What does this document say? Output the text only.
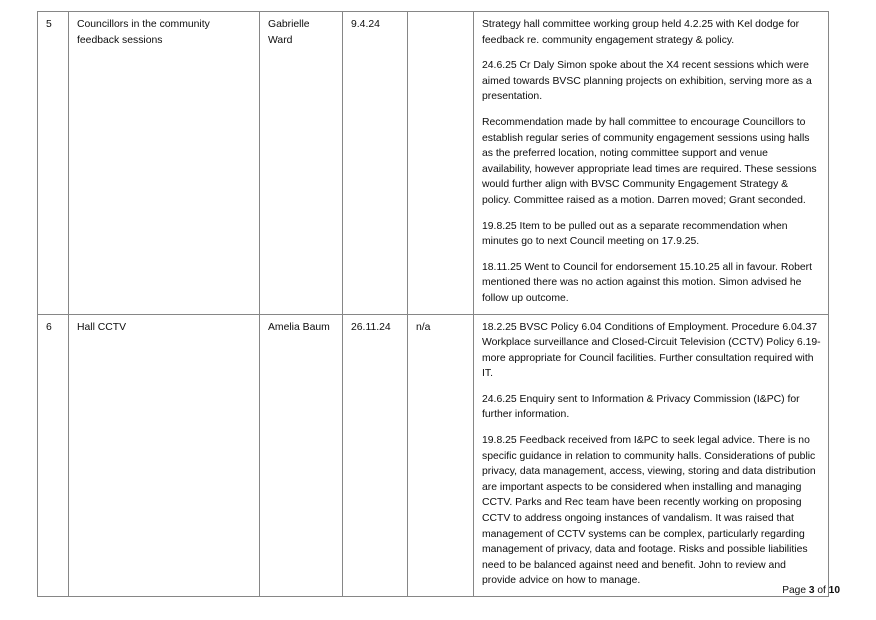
5	Councillors in the community feedback sessions	Gabrielle Ward	9.4.24		Strategy hall committee working group held 4.2.25 with Kel dodge for feedback re. community engagement strategy & policy.

24.6.25 Cr Daly Simon spoke about the X4 recent sessions which were aimed towards BVSC planning projects on exhibition, serving more as a presentation.

Recommendation made by hall committee to encourage Councillors to establish regular series of community engagement sessions using halls as the preferred location, noting committee support and venue availability, however appropriate lead times are required. These sessions would further align with BVSC Community Engagement Strategy & policy. Committee raised as a motion. Darren moved; Grant seconded.

19.8.25 Item to be pulled out as a separate recommendation when minutes go to next Council meeting on 17.9.25.

18.11.25 Went to Council for endorsement 15.10.25 all in favour. Robert mentioned there was no action against this motion. Simon advised he follow up outcome.

6	Hall CCTV	Amelia Baum	26.11.24	n/a	18.2.25 BVSC Policy 6.04 Conditions of Employment. Procedure 6.04.37 Workplace surveillance and Closed-Circuit Television (CCTV) Policy 6.19- more appropriate for Council facilities. Further consultation required with IT.

24.6.25 Enquiry sent to Information & Privacy Commission (I&PC) for further information.

19.8.25 Feedback received from I&PC to seek legal advice. There is no specific guidance in relation to community halls. Considerations of public privacy, data management, access, viewing, storing and data distribution are important aspects to be considered when installing and managing CCTV. Parks and Rec team have been recently working on proposing CCTV to address ongoing instances of vandalism. It was raised that management of CCTV systems can be complex, particularly regarding management of privacy, data and footage. Risks and possible liabilities need to be balanced against need and benefit. John to review and provide advice on how to manage.

Page 3 of 10
